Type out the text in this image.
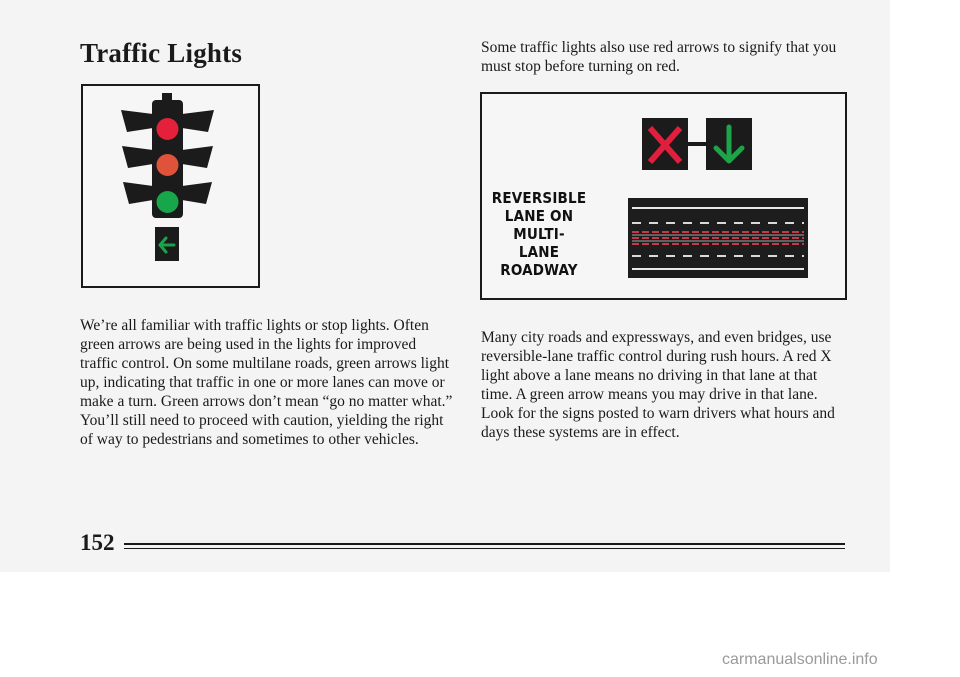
Traffic Lights	Some traffic lights also use red arrows to signify that you must stop before turning on red.
REVERSIBLE
LANE ON
MULTI-
LANE
ROADWAY
We’re all familiar with traffic lights or stop lights. Often green arrows are being used in the lights for improved traffic control. On some multilane roads, green arrows light up, indicating that traffic in one or more lanes can move or make a turn. Green arrows don’t mean “go no matter what.” You’ll still need to proceed with caution, yielding the right of way to pedestrians and sometimes to other vehicles.
Many city roads and expressways, and even bridges, use reversible-lane traffic control during rush hours. A red X light above a lane means no driving in that lane at that time. A green arrow means you may drive in that lane. Look for the signs posted to warn drivers what hours and days these systems are in effect.
152
carmanualsonline.info
